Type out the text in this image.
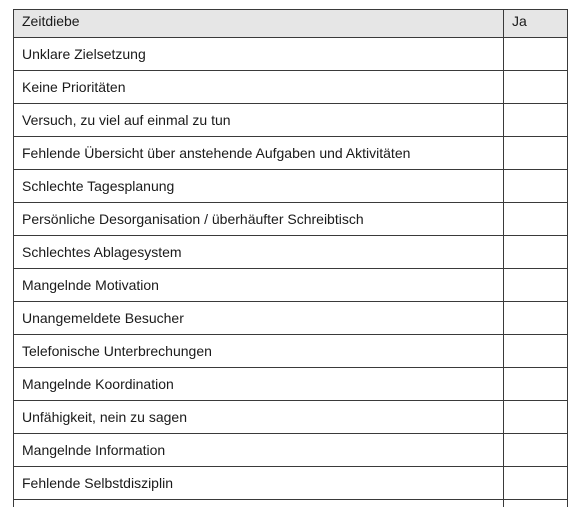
Zeitdiebe	Ja
Unklare Zielsetzung	
Keine Prioritäten	
Versuch, zu viel auf einmal zu tun	
Fehlende Übersicht über anstehende Aufgaben und Aktivitäten	
Schlechte Tagesplanung	
Persönliche Desorganisation / überhäufter Schreibtisch	
Schlechtes Ablagesystem	
Mangelnde Motivation	
Unangemeldete Besucher	
Telefonische Unterbrechungen	
Mangelnde Koordination	
Unfähigkeit, nein zu sagen	
Mangelnde Information	
Fehlende Selbstdisziplin	
